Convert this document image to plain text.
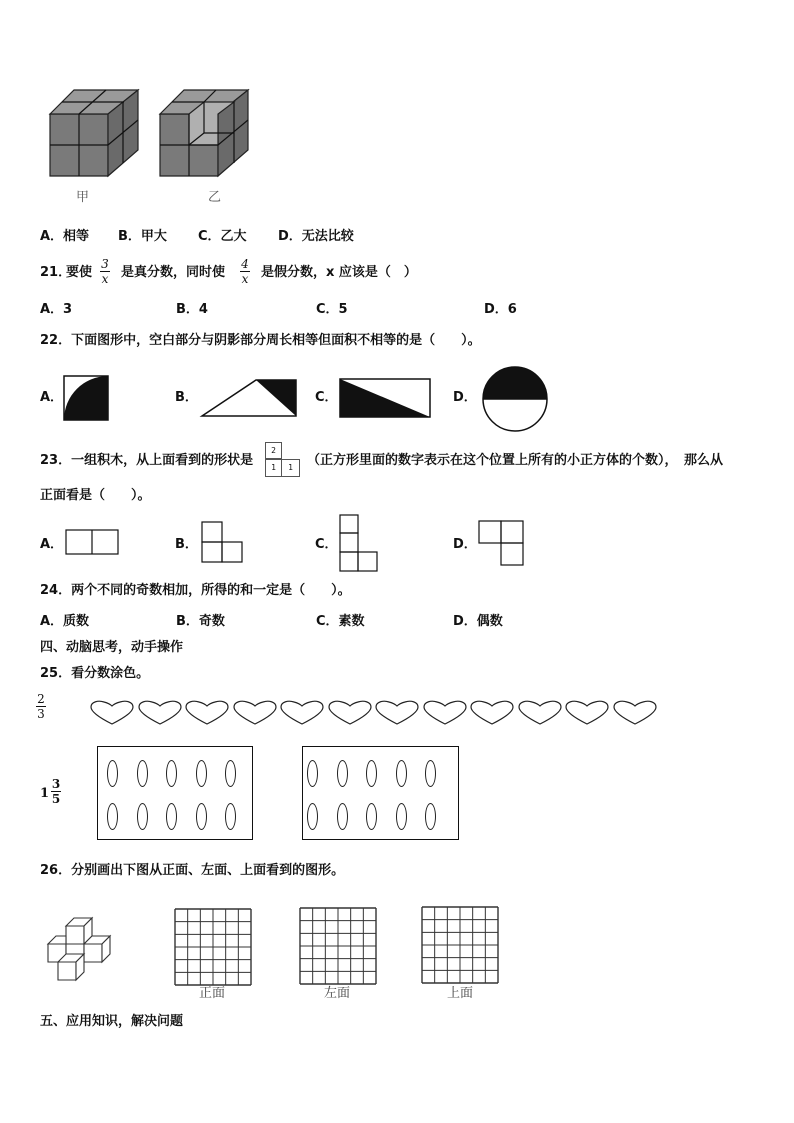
甲	乙
A．相等 B．甲大 C．乙大 D．无法比较
21．
要使
3
x 是真分数，同时使
4
x 是假分数，x 应该是（　）
A．3	B．4	C．5	D．6
22．下面图形中，空白部分与阴影部分周长相等但面积不相等的是（　　）。
A．	B．	C．	D．
23．一组积木，从上面看到的形状是
2
1	1	（正方形里面的数字表示在这个位置上所有的小正方体的个数），　那么从
正面看是（　　）。
A．	B．	C．	D．
24．两个不同的奇数相加，所得的和一定是（　　）。
A．质数	B．奇数	C．素数	D．偶数
四、动脑思考，动手操作
25．看分数涂色。
2
3
1
3
5
26．分别画出下图从正面、左面、上面看到的图形。
正面	左面	上面
五、应用知识，解决问题
